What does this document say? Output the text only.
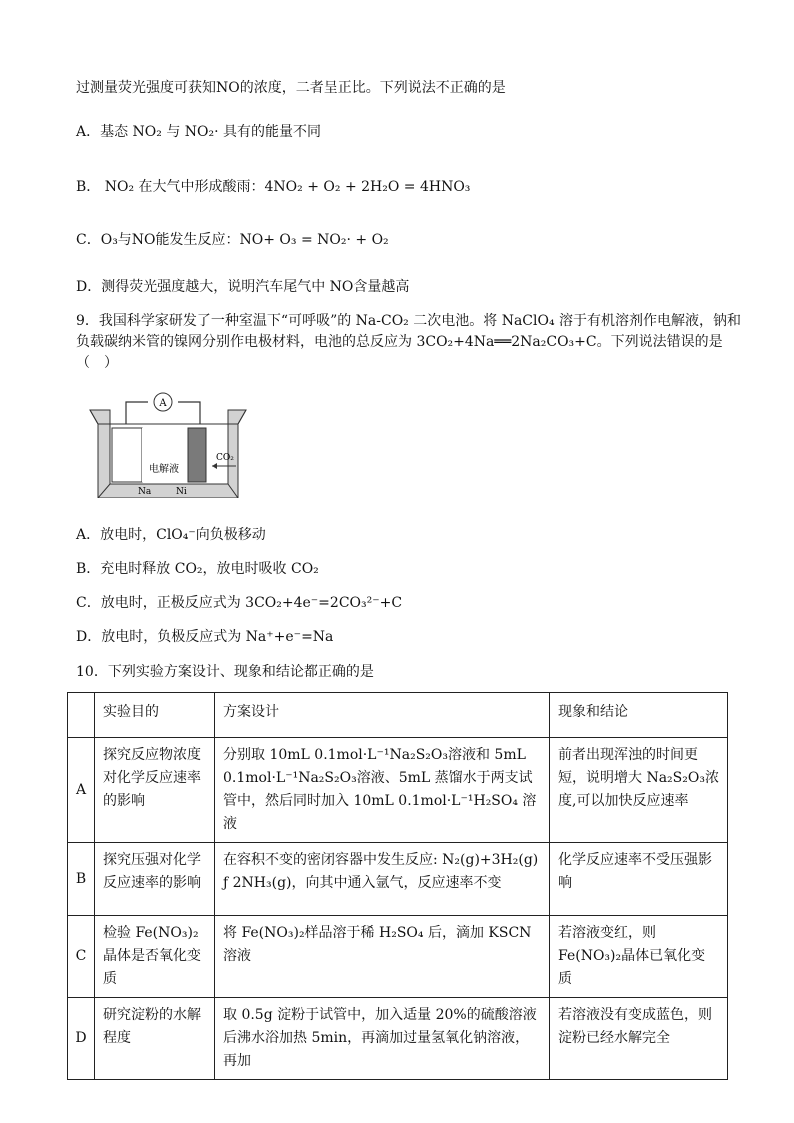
过测量荧光强度可获知NO的浓度，二者呈正比。下列说法不正确的是
A．基态 NO₂ 与 NO₂· 具有的能量不同
B． NO₂ 在大气中形成酸雨：4NO₂ + O₂ + 2H₂O = 4HNO₃
C．O₃与NO能发生反应：NO+ O₃ = NO₂· + O₂
D．测得荧光强度越大，说明汽车尾气中 NO含量越高
9．我国科学家研发了一种室温下“可呼吸”的 Na-CO₂ 二次电池。将 NaClO₄ 溶于有机溶剂作电解液，钠和
负载碳纳米管的镍网分别作电极材料，电池的总反应为 3CO₂+4Na══2Na₂CO₃+C。下列说法错误的是
（　）
A
电解液
CO₂
Na	Ni
A．放电时，ClO₄⁻向负极移动
B．充电时释放 CO₂，放电时吸收 CO₂
C．放电时，正极反应式为 3CO₂+4e⁻=2CO₃²⁻+C
D．放电时，负极反应式为 Na⁺+e⁻=Na
10．下列实验方案设计、现象和结论都正确的是
	实验目的	方案设计	现象和结论
A	探究反应物浓度对化学反应速率的影响	分别取 10mL 0.1mol·L⁻¹Na₂S₂O₃溶液和 5mL 0.1mol·L⁻¹Na₂S₂O₃溶液、5mL 蒸馏水于两支试管中，然后同时加入 10mL 0.1mol·L⁻¹H₂SO₄ 溶液	前者出现浑浊的时间更短，说明增大 Na₂S₂O₃浓度,可以加快反应速率
B	探究压强对化学反应速率的影响	在容积不变的密闭容器中发生反应: N₂(g)+3H₂(g) ƒ 2NH₃(g)，向其中通入氩气，反应速率不变	化学反应速率不受压强影响
C	检验 Fe(NO₃)₂晶体是否氧化变质	将 Fe(NO₃)₂样品溶于稀 H₂SO₄ 后，滴加 KSCN 溶液	若溶液变红，则 Fe(NO₃)₂晶体已氧化变质
D	研究淀粉的水解程度	取 0.5g 淀粉于试管中，加入适量 20%的硫酸溶液后沸水浴加热 5min，再滴加过量氢氧化钠溶液，再加	若溶液没有变成蓝色，则淀粉已经水解完全
